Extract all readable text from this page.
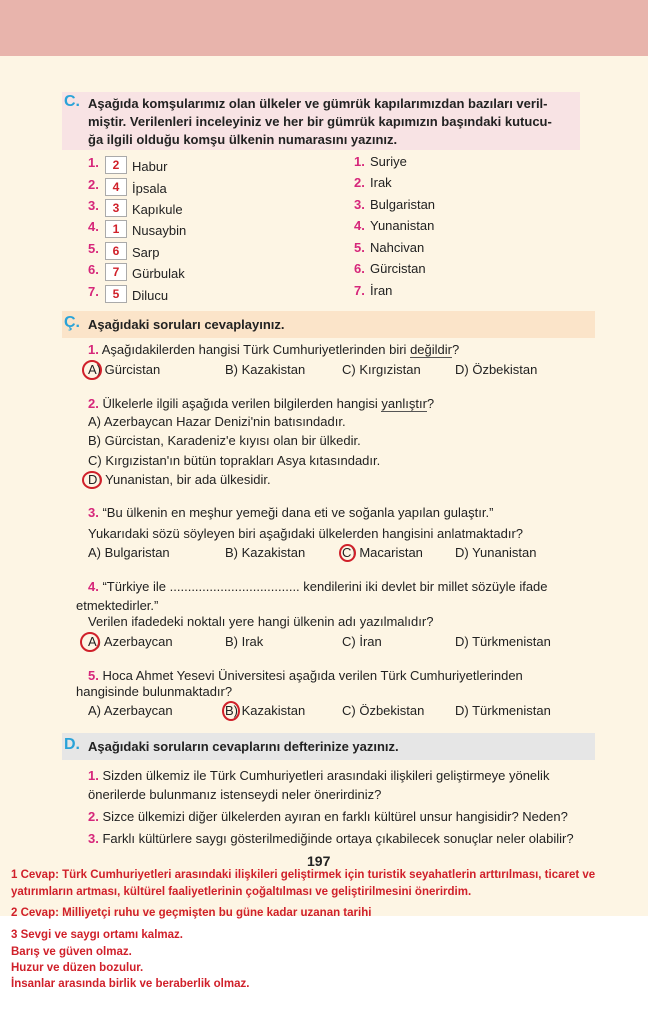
C. Aşağıda komşularımız olan ülkeler ve gümrük kapılarımızdan bazıları veril-
miştir. Verilenleri inceleyiniz ve her bir gümrük kapımızın başındaki kutucu-
ğa ilgili olduğu komşu ülkenin numarasını yazınız.
1.	2 Habur
2.	4 İpsala
3.	3 Kapıkule
4.	1 Nusaybin
5.	6 Sarp
6.	7 Gürbulak
7.	5 Dilucu
1. Suriye
2. Irak
3. Bulgaristan
4. Yunanistan
5. Nahcivan
6. Gürcistan
7. İran
Ç. Aşağıdaki soruları cevaplayınız.
1. Aşağıdakilerden hangisi Türk Cumhuriyetlerinden biri değildir?
A) Gürcistan	B) Kazakistan	C) Kırgızistan	D) Özbekistan
2. Ülkelerle ilgili aşağıda verilen bilgilerden hangisi yanlıştır?
A) Azerbaycan Hazar Denizi'nin batısındadır.
B) Gürcistan, Karadeniz'e kıyısı olan bir ülkedir.
C) Kırgızistan'ın bütün toprakları Asya kıtasındadır.
D) Yunanistan, bir ada ülkesidir.
3. “Bu ülkenin en meşhur yemeği dana eti ve soğanla yapılan gulaştır.”
Yukarıdaki sözü söyleyen biri aşağıdaki ülkelerden hangisini anlatmaktadır?
A) Bulgaristan	B) Kazakistan	C) Macaristan D) Yunanistan
4. “Türkiye ile .................................... kendilerini iki devlet bir millet sözüyle ifade
etmektedirler.”
Verilen ifadedeki noktalı yere hangi ülkenin adı yazılmalıdır?
A) Azerbaycan	B) Irak	C) İran	D) Türkmenistan
5. Hoca Ahmet Yesevi Üniversitesi aşağıda verilen Türk Cumhuriyetlerinden
hangisinde bulunmaktadır?
A) Azerbaycan	B) Kazakistan	C) Özbekistan D) Türkmenistan
D. Aşağıdaki soruların cevaplarını defterinize yazınız.
1. Sizden ülkemiz ile Türk Cumhuriyetleri arasındaki ilişkileri geliştirmeye yönelik
önerilerde bulunmanız istenseydi neler önerirdiniz?
2. Sizce ülkemizi diğer ülkelerden ayıran en farklı kültürel unsur hangisidir? Neden?
3. Farklı kültürlere saygı gösterilmediğinde ortaya çıkabilecek sonuçlar neler olabilir?
197
1 Cevap: Türk Cumhuriyetleri arasındaki ilişkileri geliştirmek için turistik seyahatlerin arttırılması, ticaret ve
yatırımların artması, kültürel faaliyetlerinin çoğaltılması ve geliştirilmesini önerirdim.
2 Cevap: Milliyetçi ruhu ve geçmişten bu güne kadar uzanan tarihi
3 Sevgi ve saygı ortamı kalmaz.
Barış ve güven olmaz.
Huzur ve düzen bozulur.
İnsanlar arasında birlik ve beraberlik olmaz.
